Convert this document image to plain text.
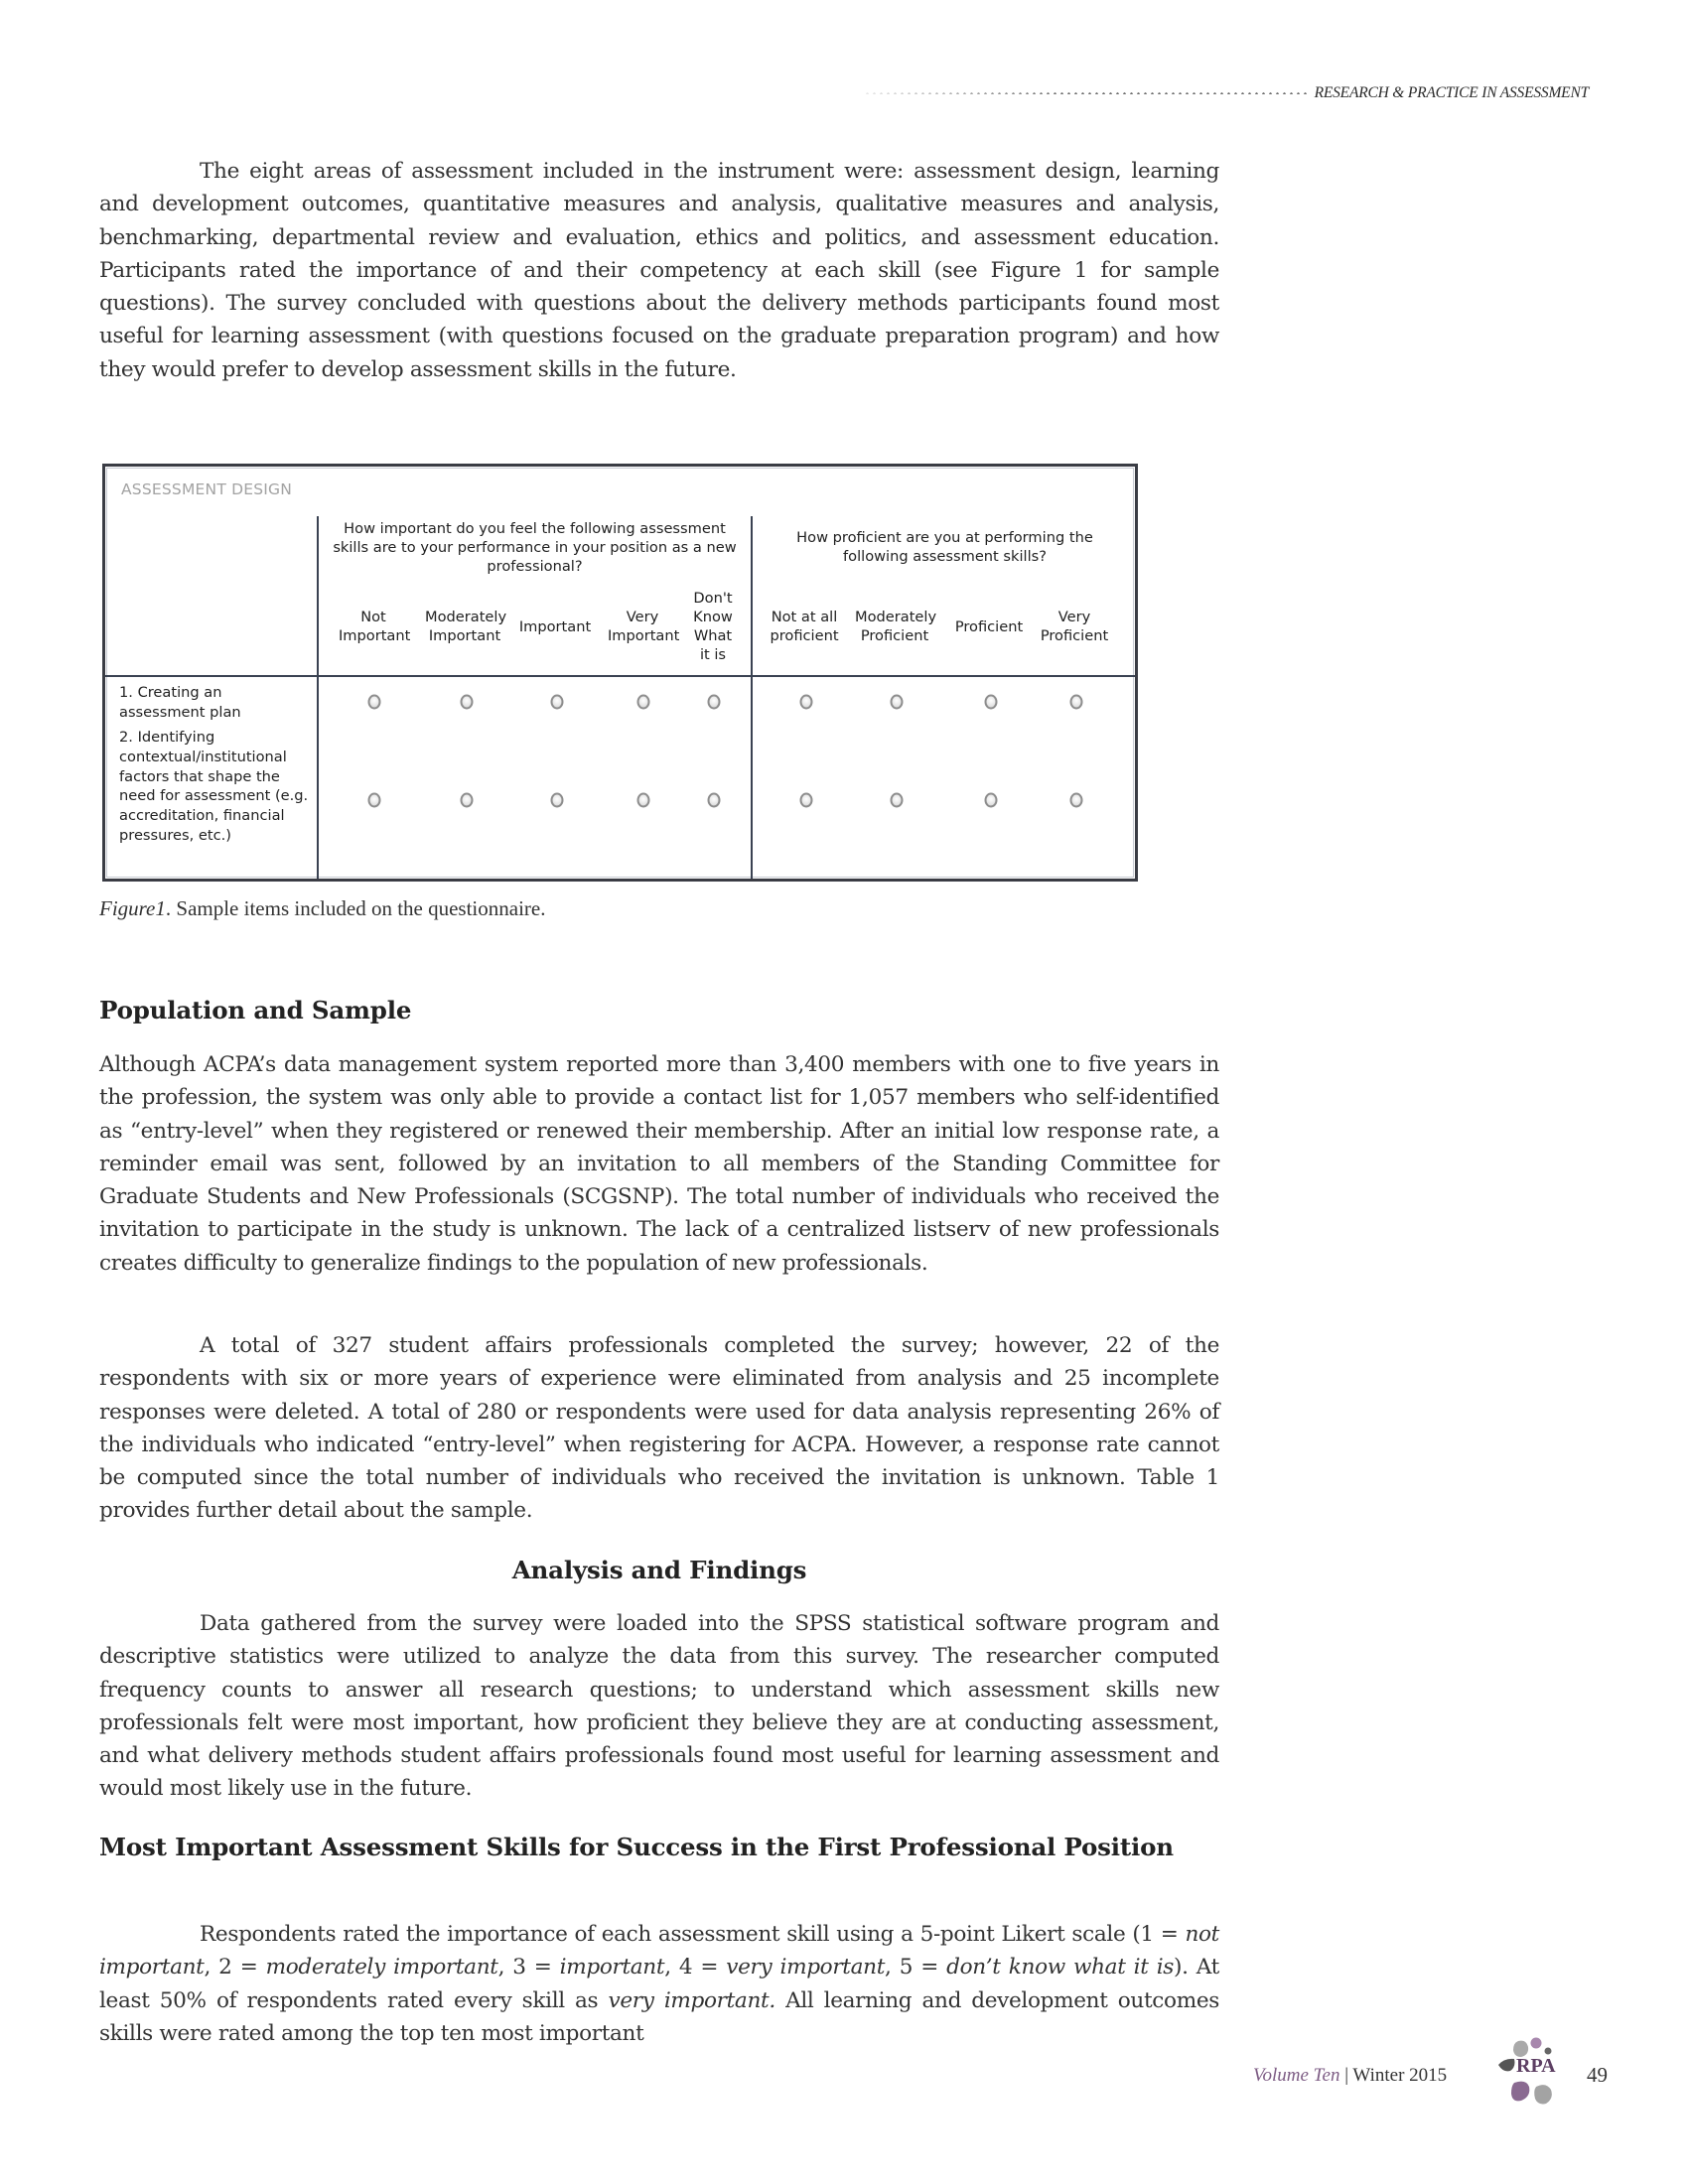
RESEARCH & PRACTICE IN ASSESSMENT

The eight areas of assessment included in the instrument were: assessment design, learning and development outcomes, quantitative measures and analysis, qualitative measures and analysis, benchmarking, departmental review and evaluation, ethics and politics, and assessment education. Participants rated the importance of and their competency at each skill (see Figure 1 for sample questions). The survey concluded with questions about the delivery methods participants found most useful for learning assessment (with questions focused on the graduate preparation program) and how they would prefer to develop assessment skills in the future.

ASSESSMENT DESIGN
How important do you feel the following assessment skills are to your performance in your position as a new professional?
How proficient are you at performing the following assessment skills?
Not Important
Moderately Important
Important
Very Important
Don't Know What it is
Not at all proficient
Moderately Proficient
Proficient
Very Proficient
1. Creating an assessment plan
2. Identifying contextual/institutional factors that shape the need for assessment (e.g. accreditation, financial pressures, etc.)
Figure1. Sample items included on the questionnaire.
Population and Sample

Although ACPA’s data management system reported more than 3,400 members with one to five years in the profession, the system was only able to provide a contact list for 1,057 members who self-identified as “entry-level” when they registered or renewed their membership. After an initial low response rate, a reminder email was sent, followed by an invitation to all members of the Standing Committee for Graduate Students and New Professionals (SCGSNP). The total number of individuals who received the invitation to participate in the study is unknown. The lack of a centralized listserv of new professionals creates difficulty to generalize findings to the population of new professionals.

A total of 327 student affairs professionals completed the survey; however, 22 of the respondents with six or more years of experience were eliminated from analysis and 25 incomplete responses were deleted. A total of 280 or respondents were used for data analysis representing 26% of the individuals who indicated “entry-level” when registering for ACPA. However, a response rate cannot be computed since the total number of individuals who received the invitation is unknown. Table 1 provides further detail about the sample.

Analysis and Findings

Data gathered from the survey were loaded into the SPSS statistical software program and descriptive statistics were utilized to analyze the data from this survey. The researcher computed frequency counts to answer all research questions; to understand which assessment skills new professionals felt were most important, how proficient they believe they are at conducting assessment, and what delivery methods student affairs professionals found most useful for learning assessment and would most likely use in the future.

Most Important Assessment Skills for Success in the First Professional Position

Respondents rated the importance of each assessment skill using a 5-point Likert scale (1 = not important, 2 = moderately important, 3 = important, 4 = very important, 5 = don’t know what it is). At least 50% of respondents rated every skill as very important. All learning and development outcomes skills were rated among the top ten most important

Volume Ten | Winter 2015	RPA 49
